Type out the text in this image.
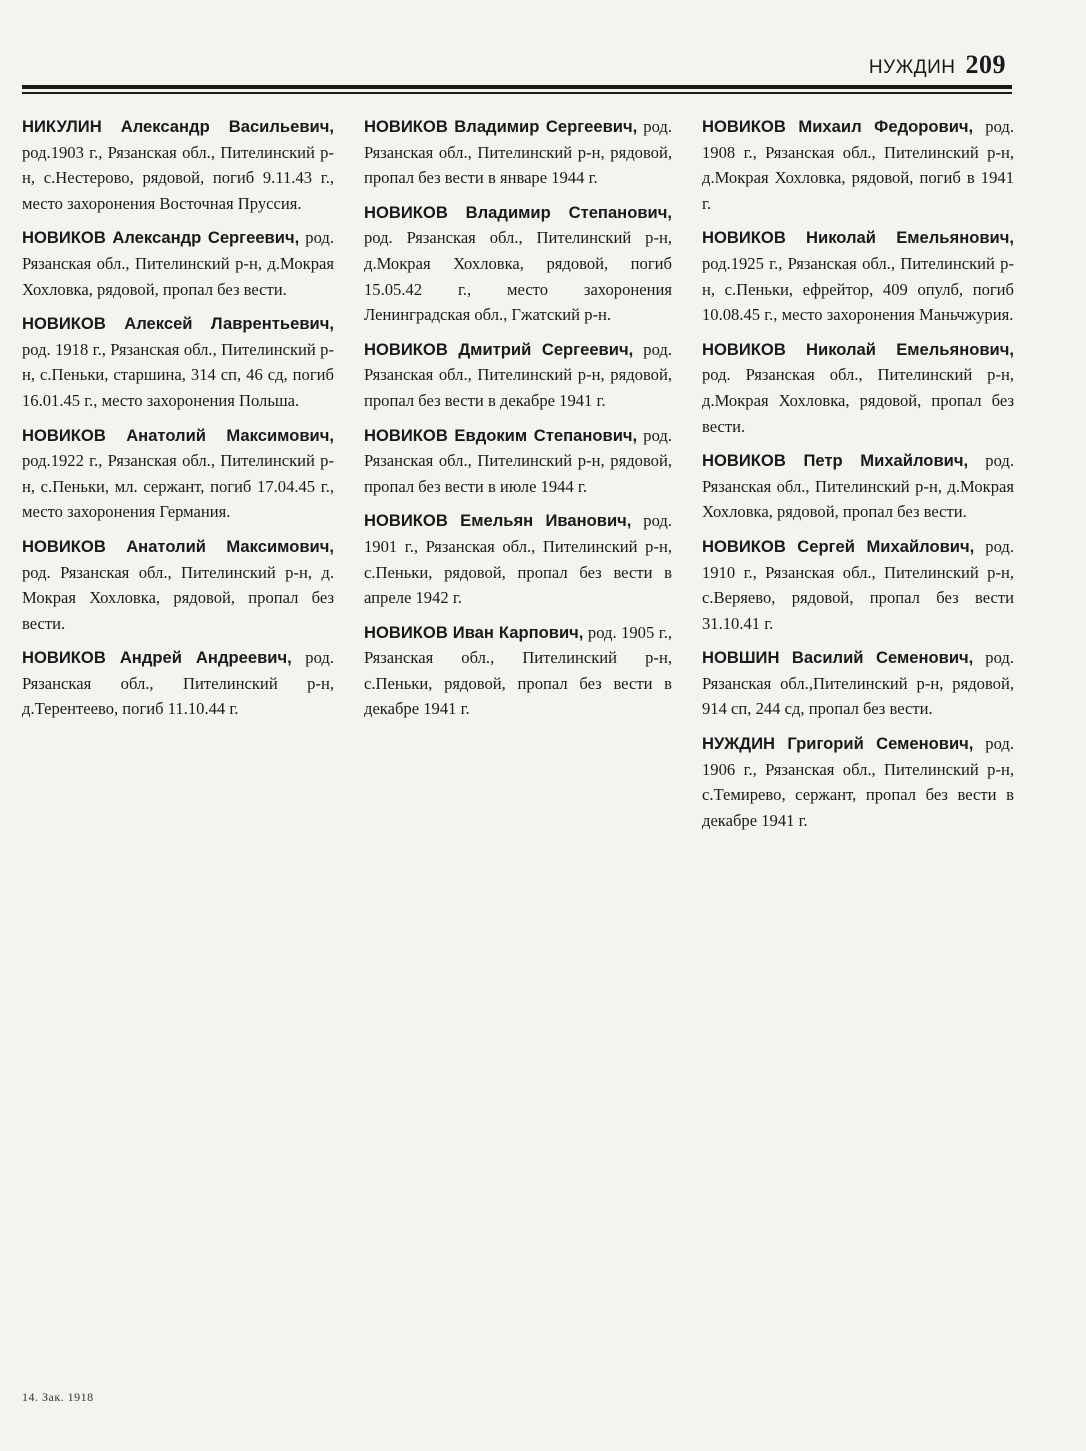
НУЖДИН 209

НИКУЛИН Александр Васильевич, род.1903 г., Рязанская обл., Пителинский р-н, с.Нестерово, рядовой, погиб 9.11.43 г., место захоронения Восточная Пруссия.

НОВИКОВ Александр Сергеевич, род. Рязанская обл., Пителинский р-н, д.Мокрая Хохловка, рядовой, пропал без вести.

НОВИКОВ Алексей Лаврентьевич, род. 1918 г., Рязанская обл., Пителинский р-н, с.Пеньки, старшина, 314 сп, 46 сд, погиб 16.01.45 г., место захоронения Польша.

НОВИКОВ Анатолий Максимович, род.1922 г., Рязанская обл., Пителинский р-н, с.Пеньки, мл. сержант, погиб 17.04.45 г., место захоронения Германия.

НОВИКОВ Анатолий Максимович, род. Рязанская обл., Пителинский р-н, д. Мокрая Хохловка, рядовой, пропал без вести.

НОВИКОВ Андрей Андреевич, род. Рязанская обл., Пителинский р-н, д.Терентеево, погиб 11.10.44 г.

НОВИКОВ Владимир Сергеевич, род. Рязанская обл., Пителинский р-н, рядовой, пропал без вести в январе 1944 г.

НОВИКОВ Владимир Степанович, род. Рязанская обл., Пителинский р-н, д.Мокрая Хохловка, рядовой, погиб 15.05.42 г., место захоронения Ленинградская обл., Гжатский р-н.

НОВИКОВ Дмитрий Сергеевич, род. Рязанская обл., Пителинский р-н, рядовой, пропал без вести в декабре 1941 г.

НОВИКОВ Евдоким Степанович, род. Рязанская обл., Пителинский р-н, рядовой, пропал без вести в июле 1944 г.

НОВИКОВ Емельян Иванович, род. 1901 г., Рязанская обл., Пителинский р-н, с.Пеньки, рядовой, пропал без вести в апреле 1942 г.

НОВИКОВ Иван Карпович, род. 1905 г., Рязанская обл., Пителинский р-н, с.Пеньки, рядовой, пропал без вести в декабре 1941 г.

НОВИКОВ Михаил Федорович, род. 1908 г., Рязанская обл., Пителинский р-н, д.Мокрая Хохловка, рядовой, погиб в 1941 г.

НОВИКОВ Николай Емельянович, род.1925 г., Рязанская обл., Пителинский р-н, с.Пеньки, ефрейтор, 409 опулб, погиб 10.08.45 г., место захоронения Маньчжурия.

НОВИКОВ Николай Емельянович, род. Рязанская обл., Пителинский р-н, д.Мокрая Хохловка, рядовой, пропал без вести.

НОВИКОВ Петр Михайлович, род. Рязанская обл., Пителинский р-н, д.Мокрая Хохловка, рядовой, пропал без вести.

НОВИКОВ Сергей Михайлович, род. 1910 г., Рязанская обл., Пителинский р-н, с.Веряево, рядовой, пропал без вести 31.10.41 г.

НОВШИН Василий Семенович, род. Рязанская обл.,Пителинский р-н, рядовой, 914 сп, 244 сд, пропал без вести.

НУЖДИН Григорий Семенович, род. 1906 г., Рязанская обл., Пителинский р-н, с.Темирево, сержант, пропал без вести в декабре 1941 г.

14. Зак. 1918
